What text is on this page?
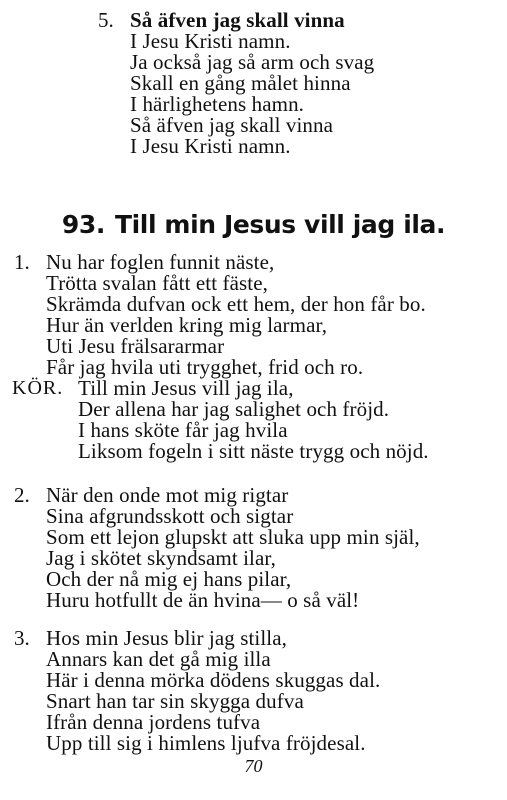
5. Så äfven jag skall vinna
I Jesu Kristi namn.
Ja också jag så arm och svag
Skall en gång målet hinna
I härlighetens hamn.
Så äfven jag skall vinna
I Jesu Kristi namn.
93. Till min Jesus vill jag ila.
1. Nu har foglen funnit näste,
Trötta svalan fått ett fäste,
Skrämda dufvan ock ett hem, der hon får bo.
Hur än verlden kring mig larmar,
Uti Jesu frälsararmar
Får jag hvila uti trygghet, frid och ro.
KÖR. Till min Jesus vill jag ila,
Der allena har jag salighet och fröjd.
I hans sköte får jag hvila
Liksom fogeln i sitt näste trygg och nöjd.
2. När den onde mot mig rigtar
Sina afgrundsskott och sigtar
Som ett lejon glupskt att sluka upp min själ,
Jag i skötet skyndsamt ilar,
Och der nå mig ej hans pilar,
Huru hotfullt de än hvina— o så väl!
3. Hos min Jesus blir jag stilla,
Annars kan det gå mig illa
Här i denna mörka dödens skuggas dal.
Snart han tar sin skygga dufva
Ifrån denna jordens tufva
Upp till sig i himlens ljufva fröjdesal.
70
